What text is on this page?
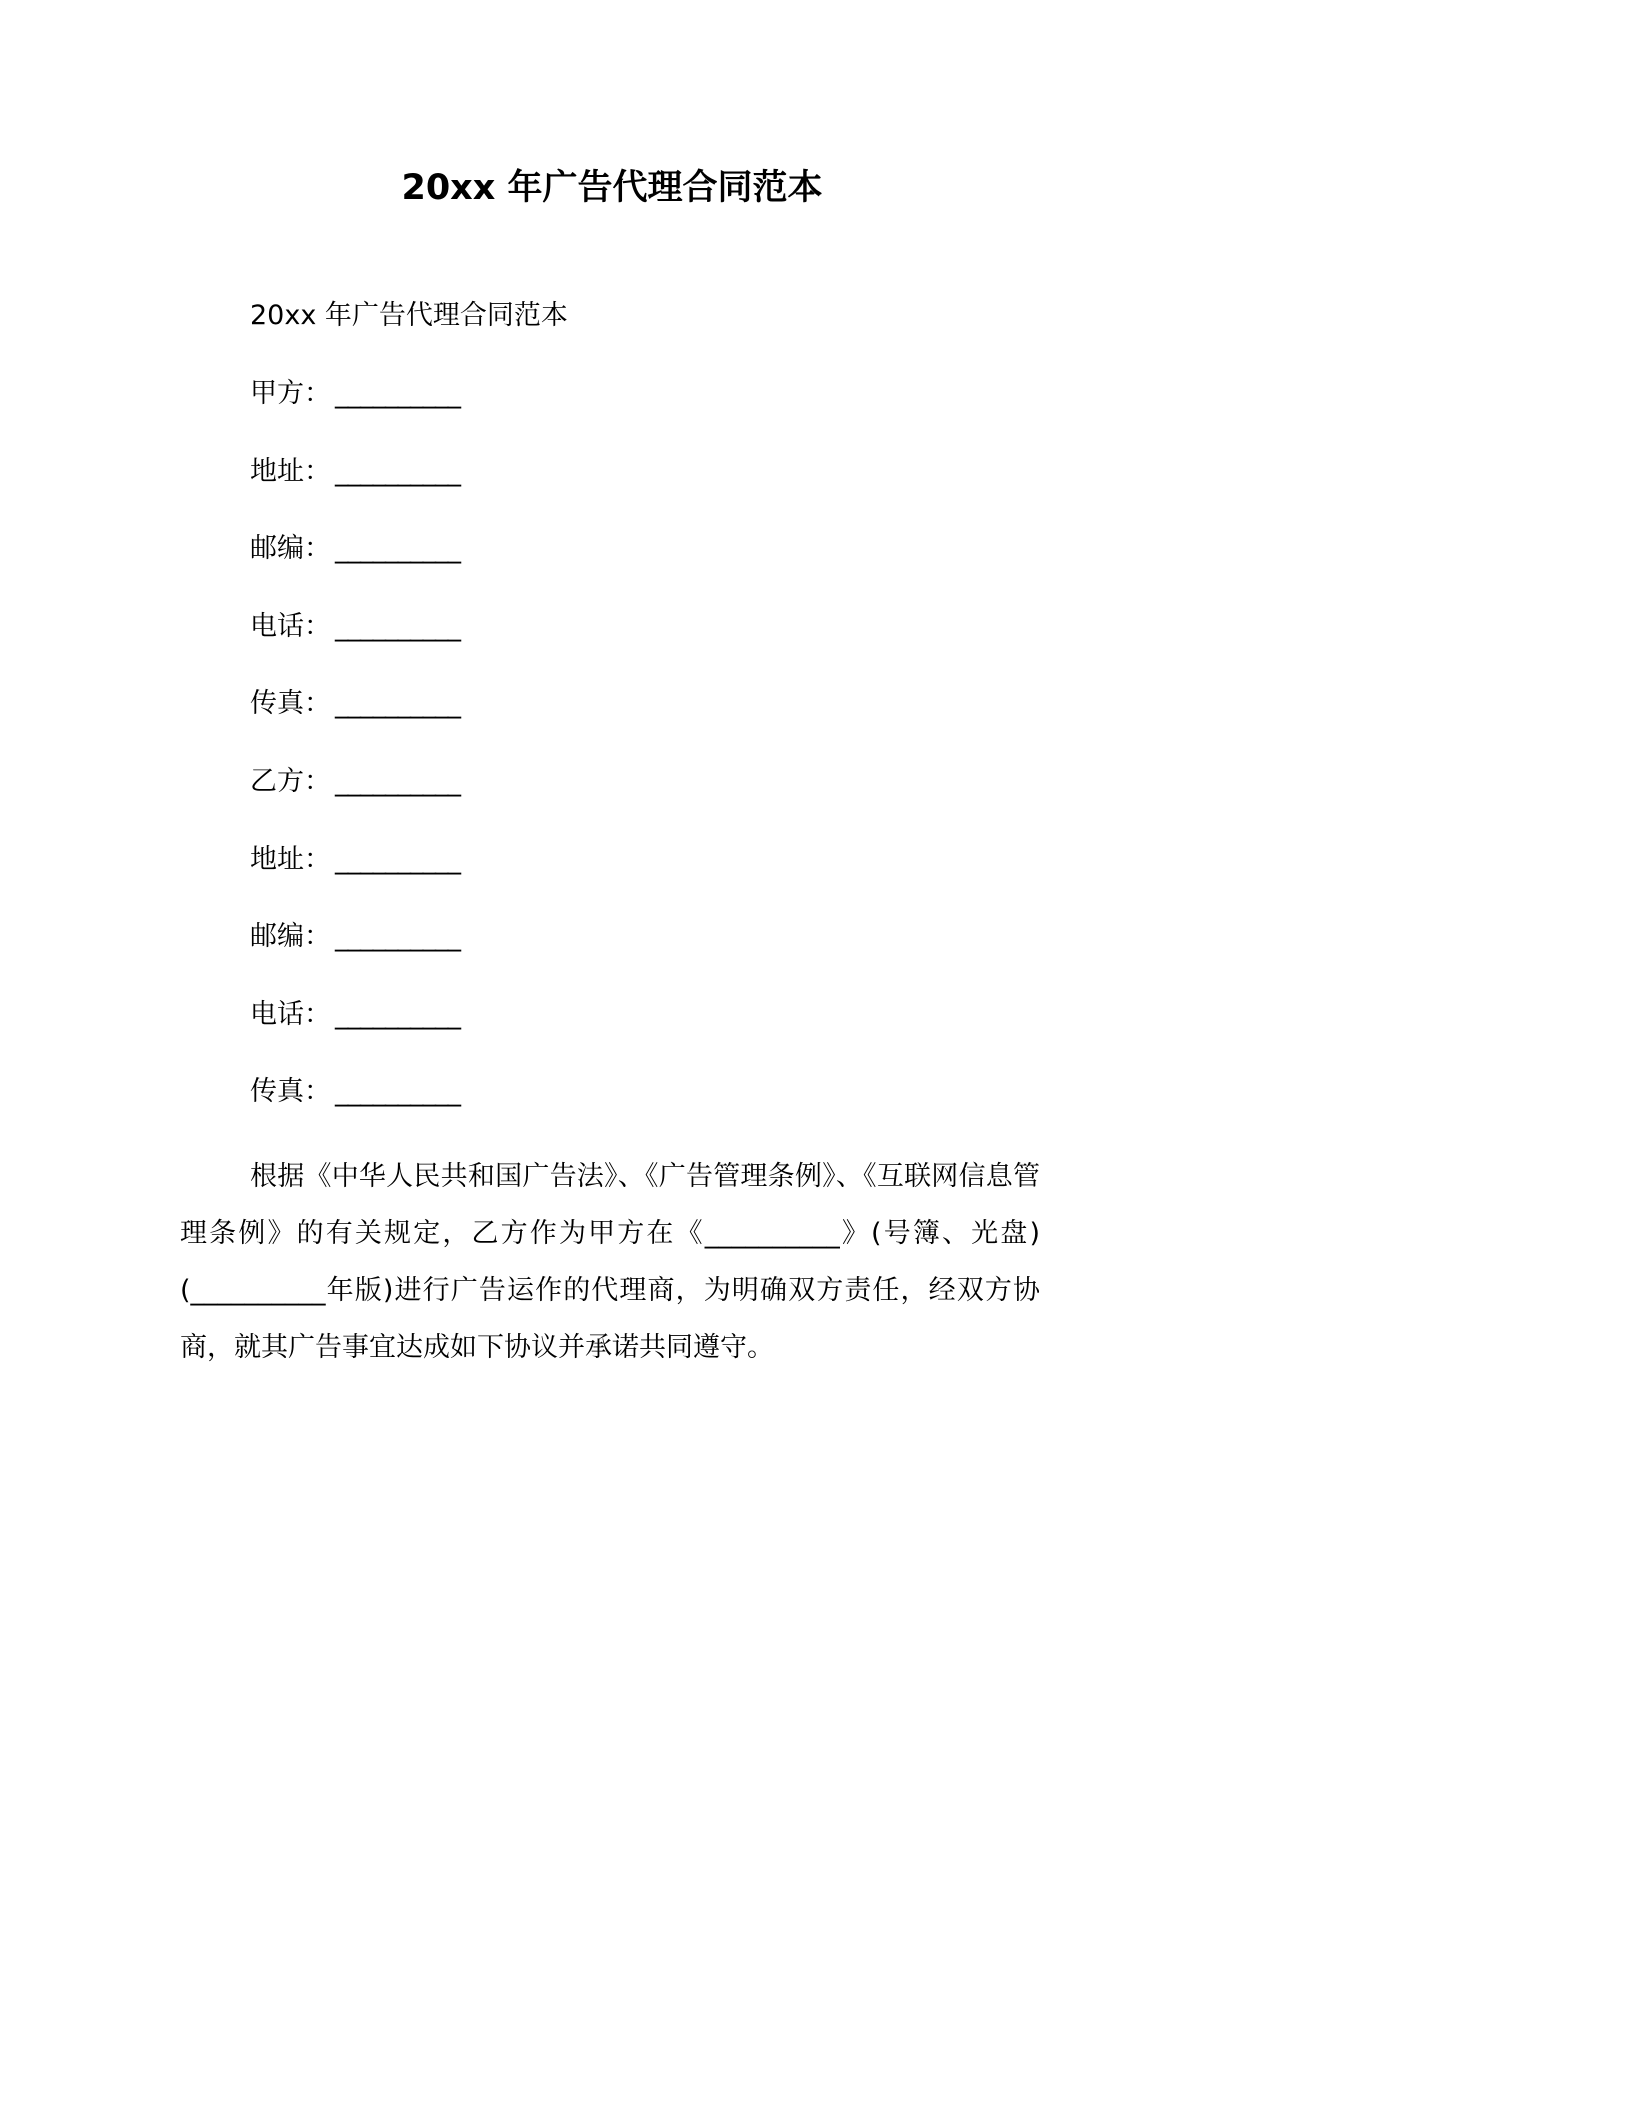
20xx 年广告代理合同范本

20xx 年广告代理合同范本

甲方： __________
地址： __________
邮编： __________
电话： __________
传真： __________
乙方： __________
地址： __________
邮编： __________
电话： __________
传真： __________

根据《中华人民共和国广告法》、《广告管理条例》、《互联网信息管理条例》的有关规定，乙方作为甲方在《__________》(号簿、光盘)(__________年版)进行广告运作的代理商，为明确双方责任，经双方协商，就其广告事宜达成如下协议并承诺共同遵守。
